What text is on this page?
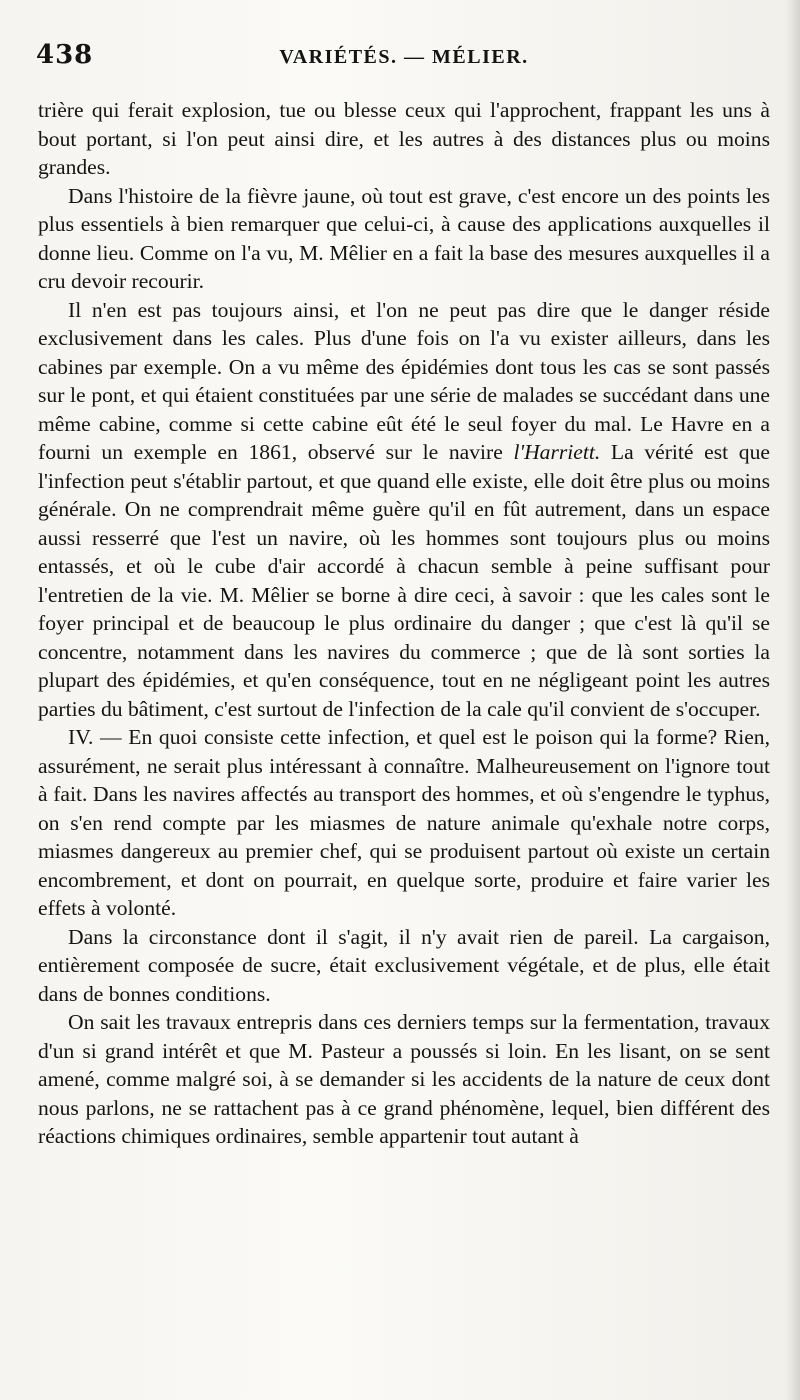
438	VARIÉTÉS. — MÉLIER.

trière qui ferait explosion, tue ou blesse ceux qui l'approchent, frappant les uns à bout portant, si l'on peut ainsi dire, et les autres à des distances plus ou moins grandes.

Dans l'histoire de la fièvre jaune, où tout est grave, c'est encore un des points les plus essentiels à bien remarquer que celui-ci, à cause des applications auxquelles il donne lieu. Comme on l'a vu, M. Mêlier en a fait la base des mesures auxquelles il a cru devoir recourir.

Il n'en est pas toujours ainsi, et l'on ne peut pas dire que le danger réside exclusivement dans les cales. Plus d'une fois on l'a vu exister ailleurs, dans les cabines par exemple. On a vu même des épidémies dont tous les cas se sont passés sur le pont, et qui étaient constituées par une série de malades se succédant dans une même cabine, comme si cette cabine eût été le seul foyer du mal. Le Havre en a fourni un exemple en 1861, observé sur le navire l'Harriett. La vérité est que l'infection peut s'établir partout, et que quand elle existe, elle doit être plus ou moins générale. On ne comprendrait même guère qu'il en fût autrement, dans un espace aussi resserré que l'est un navire, où les hommes sont toujours plus ou moins entassés, et où le cube d'air accordé à chacun semble à peine suffisant pour l'entretien de la vie. M. Mêlier se borne à dire ceci, à savoir : que les cales sont le foyer principal et de beaucoup le plus ordinaire du danger ; que c'est là qu'il se concentre, notamment dans les navires du commerce ; que de là sont sorties la plupart des épidémies, et qu'en conséquence, tout en ne négligeant point les autres parties du bâtiment, c'est surtout de l'infection de la cale qu'il convient de s'occuper.

IV. — En quoi consiste cette infection, et quel est le poison qui la forme? Rien, assurément, ne serait plus intéressant à connaître. Malheureusement on l'ignore tout à fait. Dans les navires affectés au transport des hommes, et où s'engendre le typhus, on s'en rend compte par les miasmes de nature animale qu'exhale notre corps, miasmes dangereux au premier chef, qui se produisent partout où existe un certain encombrement, et dont on pourrait, en quelque sorte, produire et faire varier les effets à volonté.

Dans la circonstance dont il s'agit, il n'y avait rien de pareil. La cargaison, entièrement composée de sucre, était exclusivement végétale, et de plus, elle était dans de bonnes conditions.

On sait les travaux entrepris dans ces derniers temps sur la fermentation, travaux d'un si grand intérêt et que M. Pasteur a poussés si loin. En les lisant, on se sent amené, comme malgré soi, à se demander si les accidents de la nature de ceux dont nous parlons, ne se rattachent pas à ce grand phénomène, lequel, bien différent des réactions chimiques ordinaires, semble appartenir tout autant à
